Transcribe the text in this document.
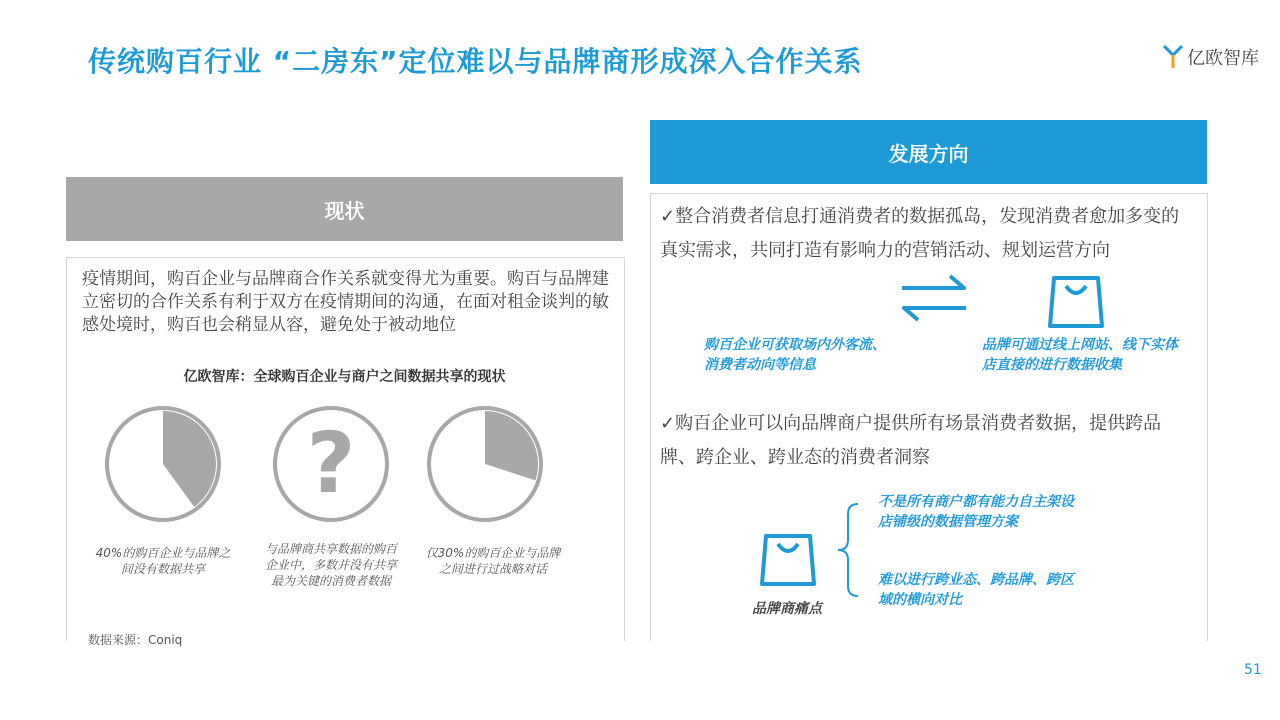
传统购百行业 “二房东”定位难以与品牌商形成深入合作关系	亿欧智库
现状
疫情期间，购百企业与品牌商合作关系就变得尤为重要。购百与品牌建立密切的合作关系有利于双方在疫情期间的沟通，在面对租金谈判的敏感处境时，购百也会稍显从容，避免处于被动地位
亿欧智库：全球购百企业与商户之间数据共享的现状
?
40%的购百企业与品牌之间没有数据共享
与品牌商共享数据的购百企业中，多数并没有共享最为关键的消费者数据
仅30%的购百企业与品牌之间进行过战略对话
数据来源：Coniq
发展方向
✓整合消费者信息打通消费者的数据孤岛，发现消费者愈加多变的真实需求，共同打造有影响力的营销活动、规划运营方向
购百企业可获取场内外客流、消费者动向等信息
品牌可通过线上网站、线下实体店直接的进行数据收集
✓购百企业可以向品牌商户提供所有场景消费者数据，提供跨品牌、跨企业、跨业态的消费者洞察
品牌商痛点
不是所有商户都有能力自主架设店铺级的数据管理方案
难以进行跨业态、跨品牌、跨区域的横向对比
51
